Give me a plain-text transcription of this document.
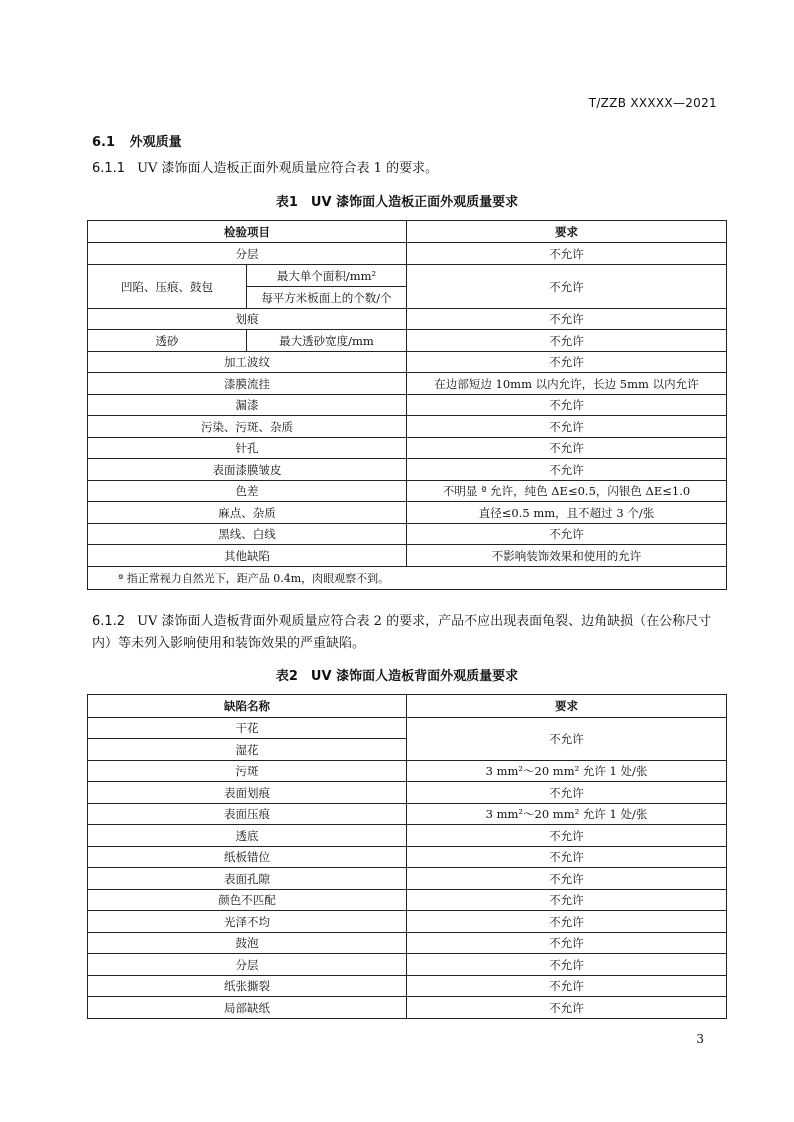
T/ZZB XXXXX—2021
6.1 外观质量
6.1.1 UV 漆饰面人造板正面外观质量应符合表 1 的要求。
表1　UV 漆饰面人造板正面外观质量要求
检验项目		要求
分层		不允许
凹陷、压痕、鼓包	最大单个面积/mm²	不允许
	每平方米板面上的个数/个	
划痕		不允许
透砂	最大透砂宽度/mm	不允许
加工波纹		不允许
漆膜流挂		在边部短边 10mm 以内允许，长边 5mm 以内允许
漏漆		不允许
污染、污斑、杂质		不允许
针孔		不允许
表面漆膜皱皮		不允许
色差		不明显 ª 允许，纯色 ΔE≤0.5，闪银色 ΔE≤1.0
麻点、杂质		直径≤0.5 mm，且不超过 3 个/张
黑线、白线		不允许
其他缺陷		不影响装饰效果和使用的允许
ª 指正常视力自然光下，距产品 0.4m，肉眼观察不到。		
6.1.2 UV 漆饰面人造板背面外观质量应符合表 2 的要求，产品不应出现表面龟裂、边角缺损（在公称尺寸内）等未列入影响使用和装饰效果的严重缺陷。
表2　UV 漆饰面人造板背面外观质量要求
缺陷名称	要求
干花	不允许
湿花	
污斑	3 mm²～20 mm² 允许 1 处/张
表面划痕	不允许
表面压痕	3 mm²～20 mm² 允许 1 处/张
透底	不允许
纸板错位	不允许
表面孔隙	不允许
颜色不匹配	不允许
光泽不均	不允许
鼓泡	不允许
分层	不允许
纸张撕裂	不允许
局部缺纸	不允许
3
